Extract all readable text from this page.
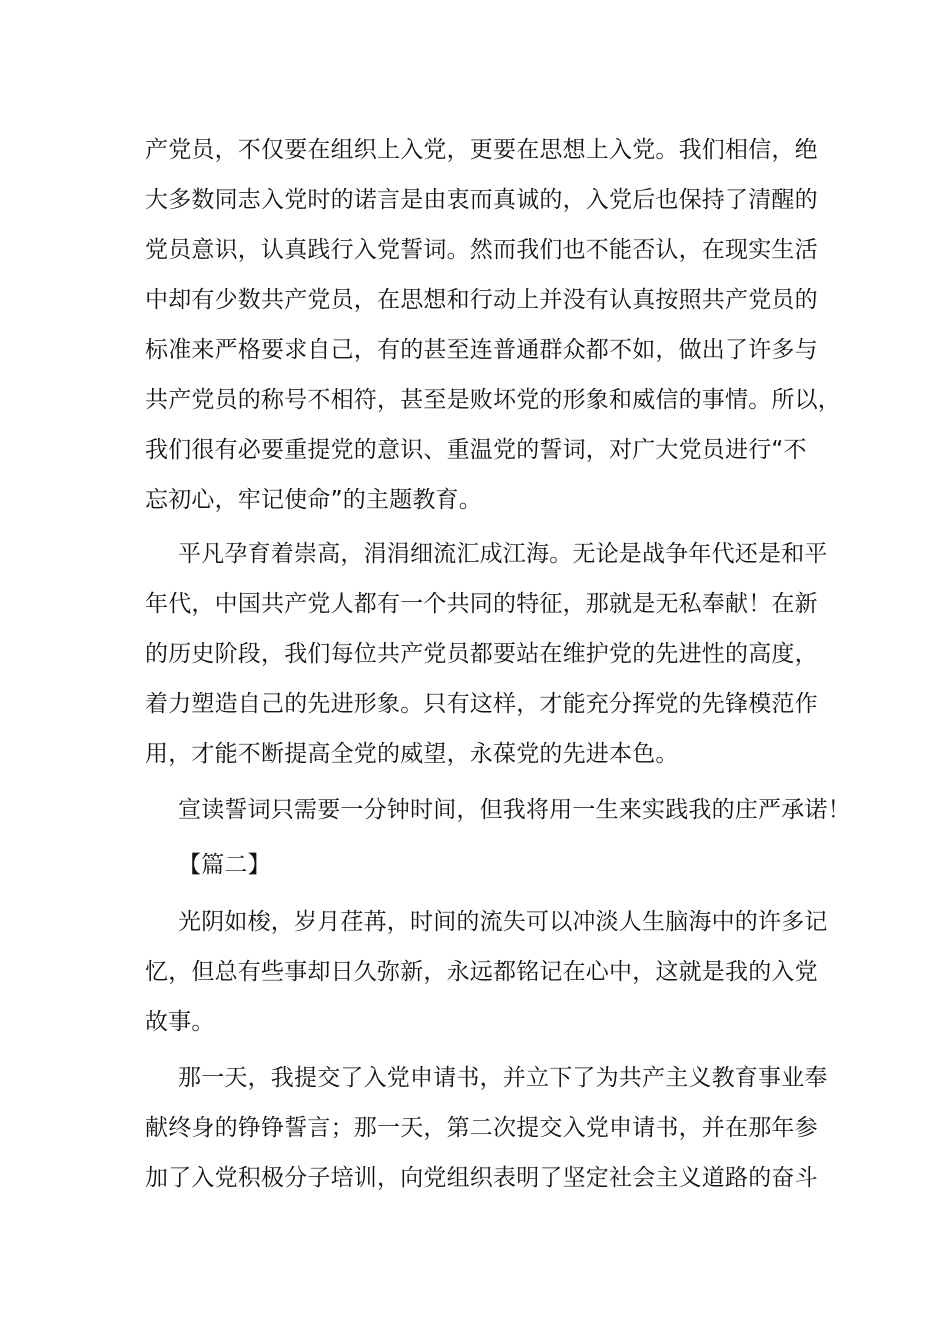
产党员，不仅要在组织上入党，更要在思想上入党。我们相信，绝
大多数同志入党时的诺言是由衷而真诚的，入党后也保持了清醒的
党员意识，认真践行入党誓词。然而我们也不能否认，在现实生活
中却有少数共产党员，在思想和行动上并没有认真按照共产党员的
标准来严格要求自己，有的甚至连普通群众都不如，做出了许多与
共产党员的称号不相符，甚至是败坏党的形象和威信的事情。所以，
我们很有必要重提党的意识、重温党的誓词，对广大党员进行“不
忘初心，牢记使命”的主题教育。
平凡孕育着崇高，涓涓细流汇成江海。无论是战争年代还是和平
年代，中国共产党人都有一个共同的特征，那就是无私奉献！在新
的历史阶段，我们每位共产党员都要站在维护党的先进性的高度，
着力塑造自己的先进形象。只有这样，才能充分挥党的先锋模范作
用，才能不断提高全党的威望，永葆党的先进本色。
宣读誓词只需要一分钟时间，但我将用一生来实践我的庄严承诺！
【篇二】
光阴如梭，岁月荏苒，时间的流失可以冲淡人生脑海中的许多记
忆，但总有些事却日久弥新，永远都铭记在心中，这就是我的入党
故事。
那一天，我提交了入党申请书，并立下了为共产主义教育事业奉
献终身的铮铮誓言；那一天，第二次提交入党申请书，并在那年参
加了入党积极分子培训，向党组织表明了坚定社会主义道路的奋斗
